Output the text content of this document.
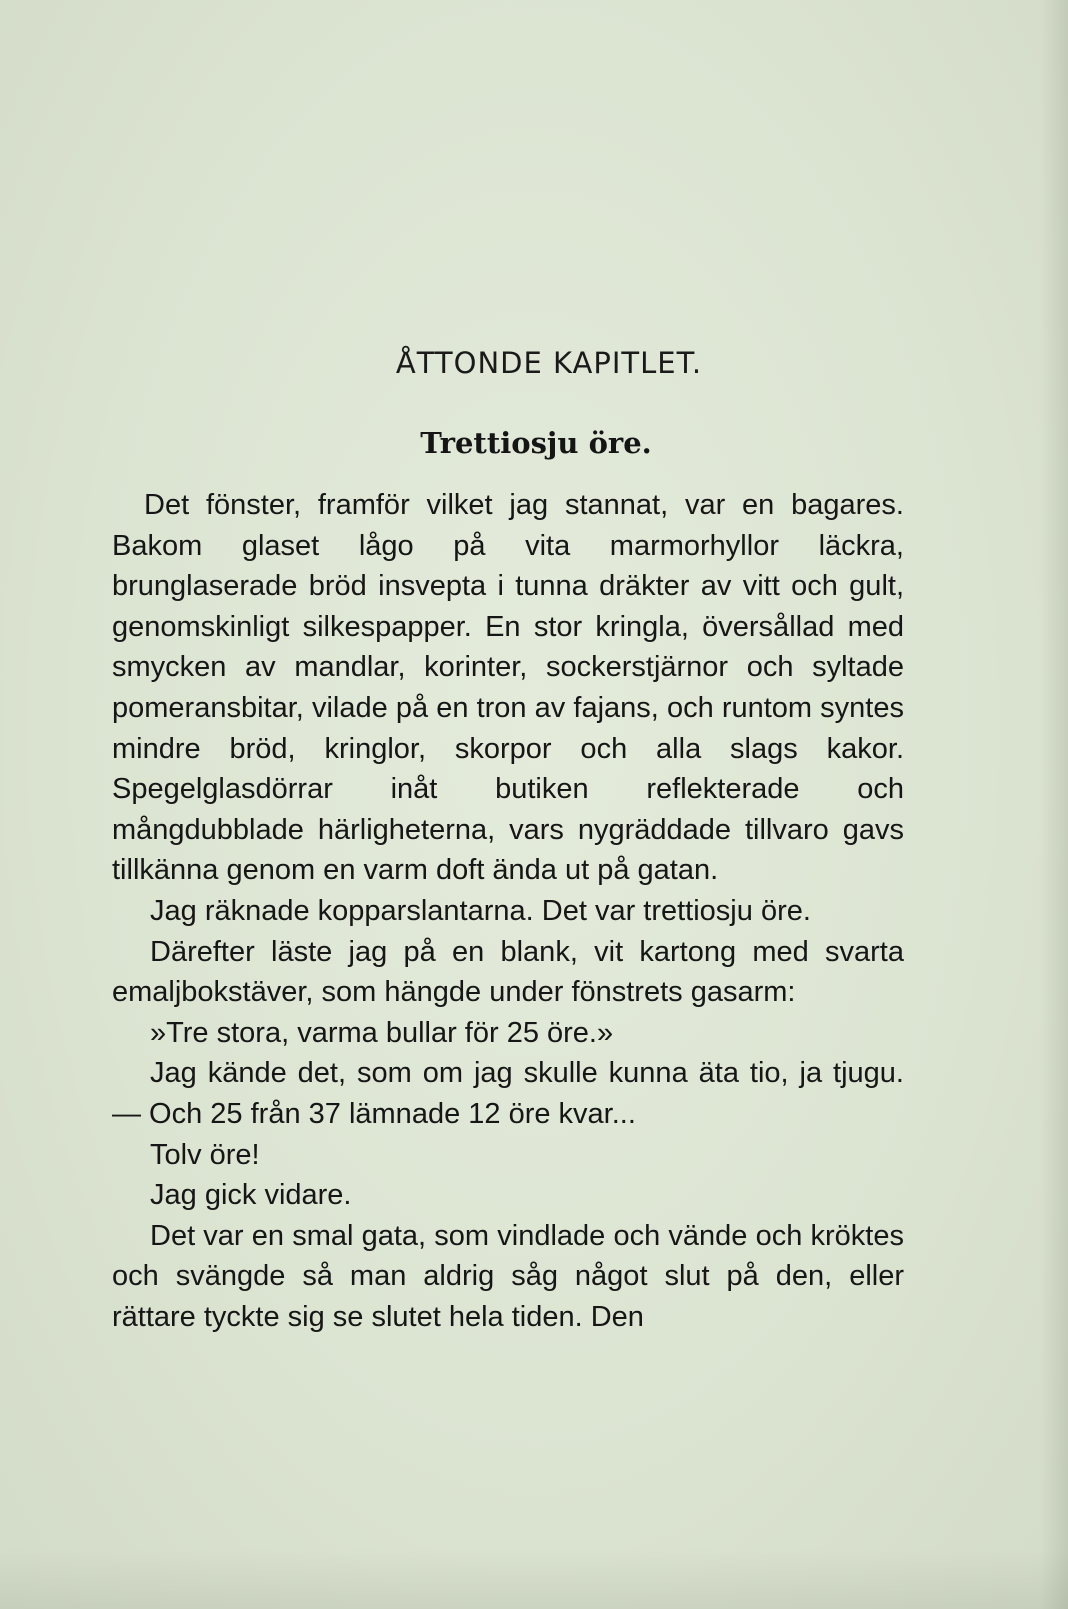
ÅTTONDE KAPITLET.
Trettiosju öre.

Det fönster, framför vilket jag stannat, var en bagares. Bakom glaset lågo på vita marmorhyllor läckra, brunglaserade bröd insvepta i tunna dräkter av vitt och gult, genomskinligt silkespapper. En stor kringla, översållad med smycken av mandlar, korinter, sockerstjärnor och syltade pomeransbitar, vilade på en tron av fajans, och runtom syntes mindre bröd, kringlor, skorpor och alla slags kakor. Spegelglasdörrar inåt butiken reflekterade och mångdubblade härligheterna, vars nygräddade tillvaro gavs tillkänna genom en varm doft ända ut på gatan.

Jag räknade kopparslantarna. Det var trettiosju öre.

Därefter läste jag på en blank, vit kartong med svarta emaljbokstäver, som hängde under fönstrets gasarm:

»Tre stora, varma bullar för 25 öre.»

Jag kände det, som om jag skulle kunna äta tio, ja tjugu. — Och 25 från 37 lämnade 12 öre kvar...

Tolv öre!

Jag gick vidare.

Det var en smal gata, som vindlade och vände och kröktes och svängde så man aldrig såg något slut på den, eller rättare tyckte sig se slutet hela tiden. Den
